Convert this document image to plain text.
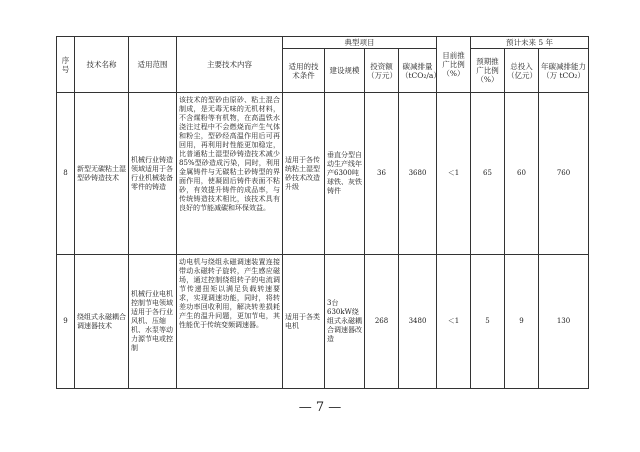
序号	技术名称	适用范围	主要技术内容	典型项目				目前推广比例（%）	预计未来 5 年		
				适用的技术条件	建设规模	投资额（万元）	碳减排量（tCO₂/a）		预期推广比例（%）	总投入（亿元）	年碳减排能力（万 tCO₂）
8	新型无碳粘土湿型砂铸造技术	机械行业铸造领域适用于各行业机械装备零件的铸造	该技术的型砂由原砂、粘土混合制成，是无毒无味的无机材料，不含煤粉等有机物，在高温铁水浇注过程中不会燃烧而产生气体和粉尘，型砂经高温作用后可再回用，再利用时性能更加稳定，比普通粘土湿型砂铸造技术减少85%型砂造成污染，同时，利用金属铸件与无碳粘土砂铸型的界面作用，使凝固后铸件表面不粘砂，有效提升铸件的成品率，与传统铸造技术相比，该技术具有良好的节能减碳和环保效益。	适用于各传统粘土湿型砂技术改造升级	垂直分型自动生产线年产6300吨球铁、灰铁铸件	36	3680	＜1	65	60	760
9	绕组式永磁耦合调速器技术	机械行业电机控制节电领域适用于各行业风机、压缩机、水泵等动力源节电或控制	动电机与绕组永磁调速装置连接带动永磁转子旋转，产生感应磁场，通过控制绕组转子的电流调节传递扭矩以满足负载转速要求，实现调速功能，同时，将转差功率回收利用，解决转差损耗产生的温升问题，更加节电，其性能优于传统变频调速器。	适用于各类电机	3台630kW绕组式永磁耦合调速器改造	268	3480	＜1	5	9	130
— 7 —
